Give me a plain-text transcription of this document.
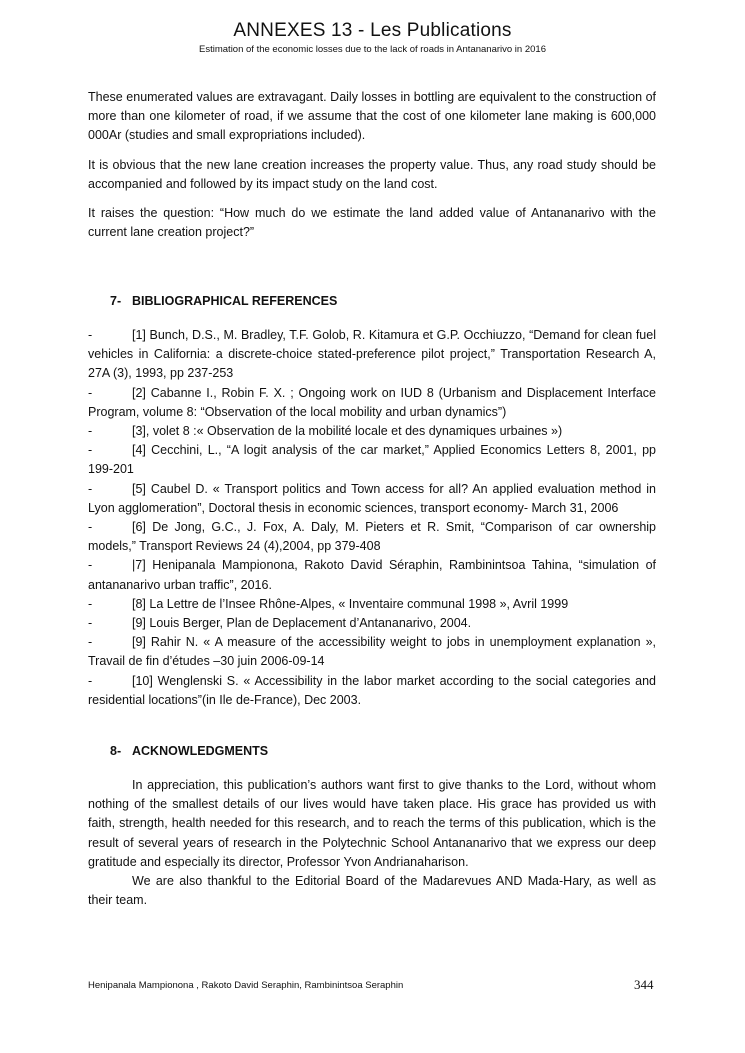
ANNEXES 13 - Les Publications
Estimation of the economic losses due to the lack of roads in Antananarivo in 2016

These enumerated values are extravagant. Daily losses in bottling are equivalent to the construction of more than one kilometer of road, if we assume that the cost of one kilometer lane making is 600,000 000Ar (studies and small expropriations included).

It is obvious that the new lane creation increases the property value. Thus, any road study should be accompanied and followed by its impact study on the land cost.

It raises the question: “How much do we estimate the land added value of Antananarivo with the current lane creation project?”

7- BIBLIOGRAPHICAL REFERENCES

-	[1] Bunch, D.S., M. Bradley, T.F. Golob, R. Kitamura et G.P. Occhiuzzo, “Demand for clean fuel vehicles in California: a discrete-choice stated-preference pilot project,” Transportation Research A, 27A (3), 1993, pp 237-253

-	[2] Cabanne I., Robin F. X. ; Ongoing work on IUD 8 (Urbanism and Displacement Interface Program, volume 8: “Observation of the local mobility and urban dynamics”)

-	[3], volet 8 :« Observation de la mobilité locale et des dynamiques urbaines »)

-	[4] Cecchini, L., “A logit analysis of the car market,” Applied Economics Letters 8, 2001, pp 199-201

-	[5] Caubel D. « Transport politics and Town access for all? An applied evaluation method in Lyon agglomeration”, Doctoral thesis in economic sciences, transport economy- March 31, 2006

-	[6] De Jong, G.C., J. Fox, A. Daly, M. Pieters et R. Smit, “Comparison of car ownership models,” Transport Reviews 24 (4),2004, pp 379-408

-	|7] Henipanala Mampionona, Rakoto David Séraphin, Rambinintsoa Tahina, “simulation of antananarivo urban traffic”, 2016.

-	[8] La Lettre de l’Insee Rhône-Alpes, « Inventaire communal 1998 », Avril 1999

-	[9] Louis Berger, Plan de Deplacement d’Antananarivo, 2004.

-	[9] Rahir N. « A measure of the accessibility weight to jobs in unemployment explanation », Travail de fin d’études –30 juin 2006-09-14

-	[10] Wenglenski S. « Accessibility in the labor market according to the social categories and residential locations”(in Ile de-France), Dec 2003.

8- ACKNOWLEDGMENTS

In appreciation, this publication’s authors want first to give thanks to the Lord, without whom nothing of the smallest details of our lives would have taken place. His grace has provided us with faith, strength, health needed for this research, and to reach the terms of this publication, which is the result of several years of research in the Polytechnic School Antananarivo that we express our deep gratitude and especially its director, Professor Yvon Andrianaharison.

We are also thankful to the Editorial Board of the Madarevues AND Mada-Hary, as well as their team.

Henipanala Mampionona , Rakoto David Seraphin, Rambinintsoa Seraphin	344
